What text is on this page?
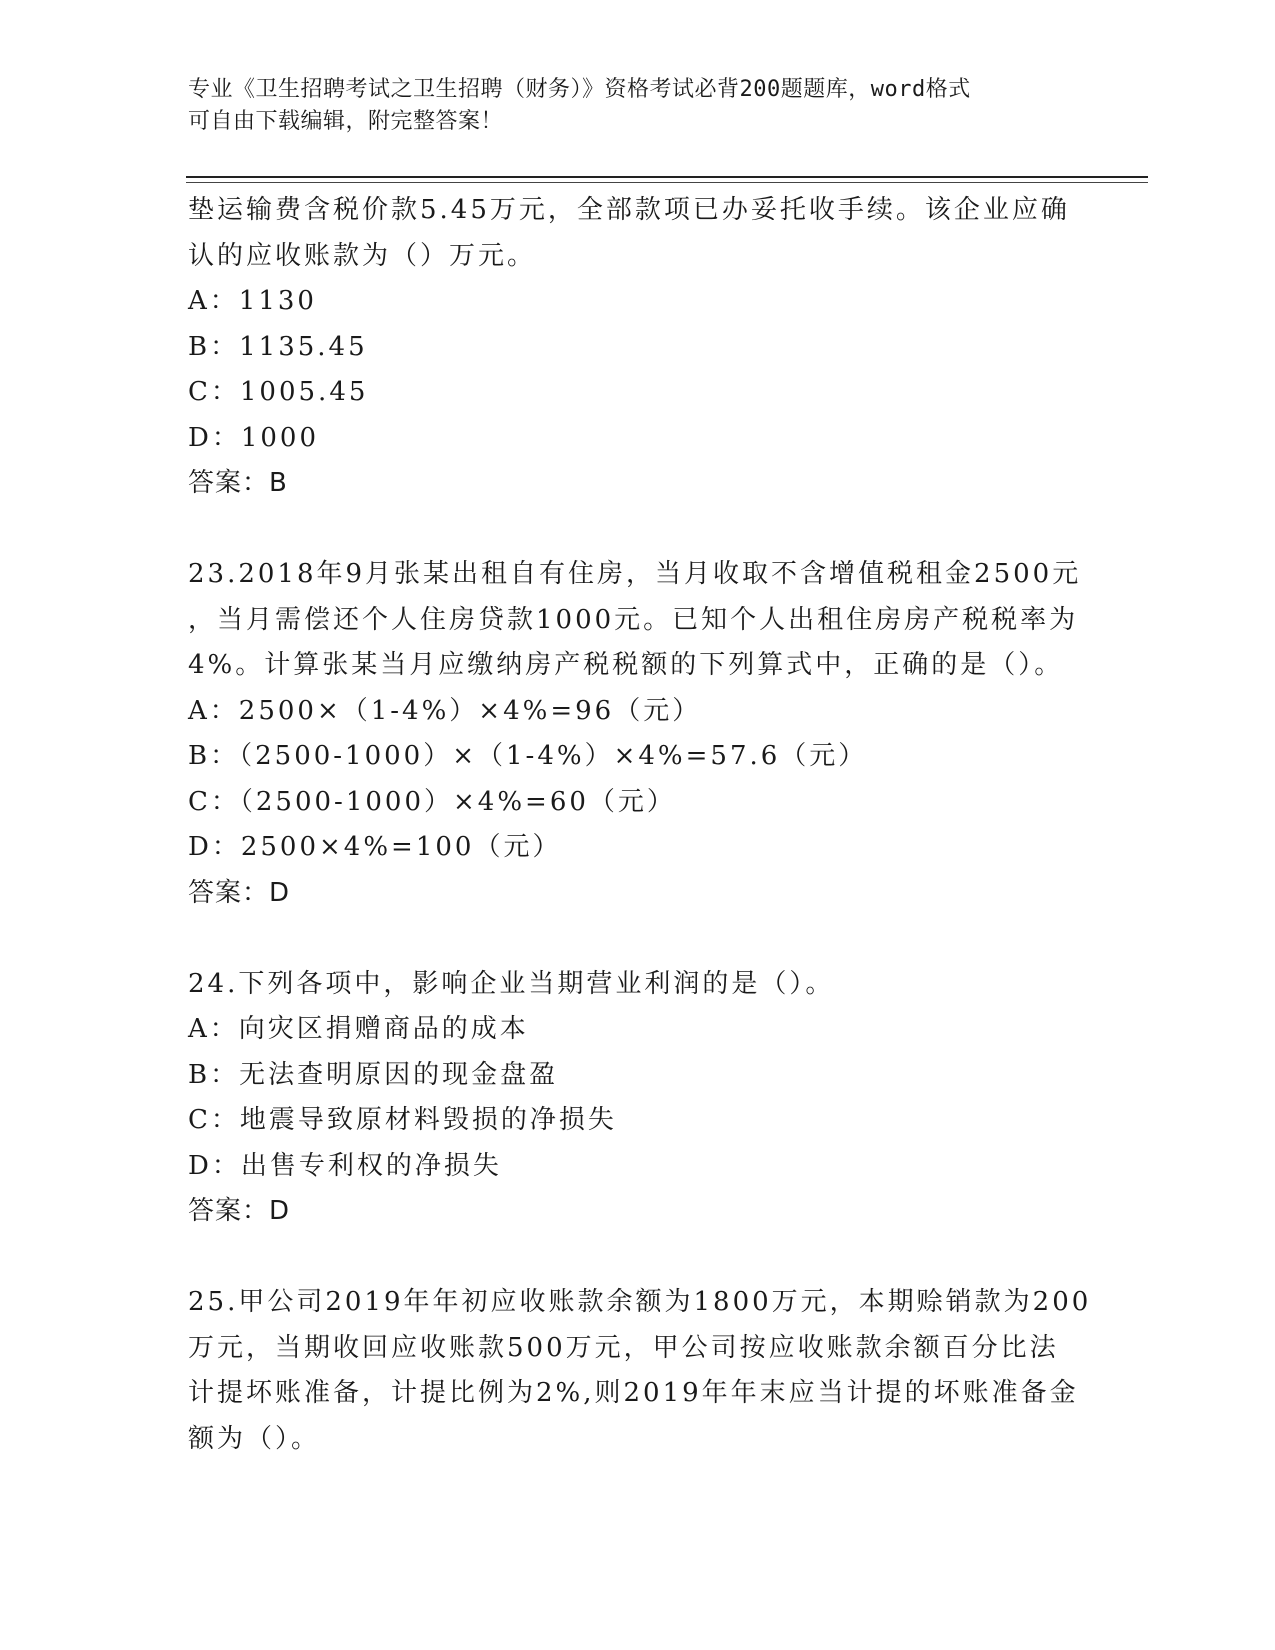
专业《卫生招聘考试之卫生招聘（财务）》资格考试必背200题题库，word格式
可自由下载编辑，附完整答案！
垫运输费含税价款5.45万元，全部款项已办妥托收手续。该企业应确
认的应收账款为（）万元。
A：1130
B：1135.45
C：1005.45
D：1000
答案：B
23.2018年9月张某出租自有住房，当月收取不含增值税租金2500元
，当月需偿还个人住房贷款1000元。已知个人出租住房房产税税率为
4%。计算张某当月应缴纳房产税税额的下列算式中，正确的是（）。
A：2500×（1-4%）×4%=96（元）
B：（2500-1000）×（1-4%）×4%=57.6（元）
C：（2500-1000）×4%=60（元）
D：2500×4%=100（元）
答案：D
24.下列各项中，影响企业当期营业利润的是（）。
A：向灾区捐赠商品的成本
B：无法查明原因的现金盘盈
C：地震导致原材料毁损的净损失
D：出售专利权的净损失
答案：D
25.甲公司2019年年初应收账款余额为1800万元，本期赊销款为200
万元，当期收回应收账款500万元，甲公司按应收账款余额百分比法
计提坏账准备，计提比例为2%,则2019年年末应当计提的坏账准备金
额为（）。
